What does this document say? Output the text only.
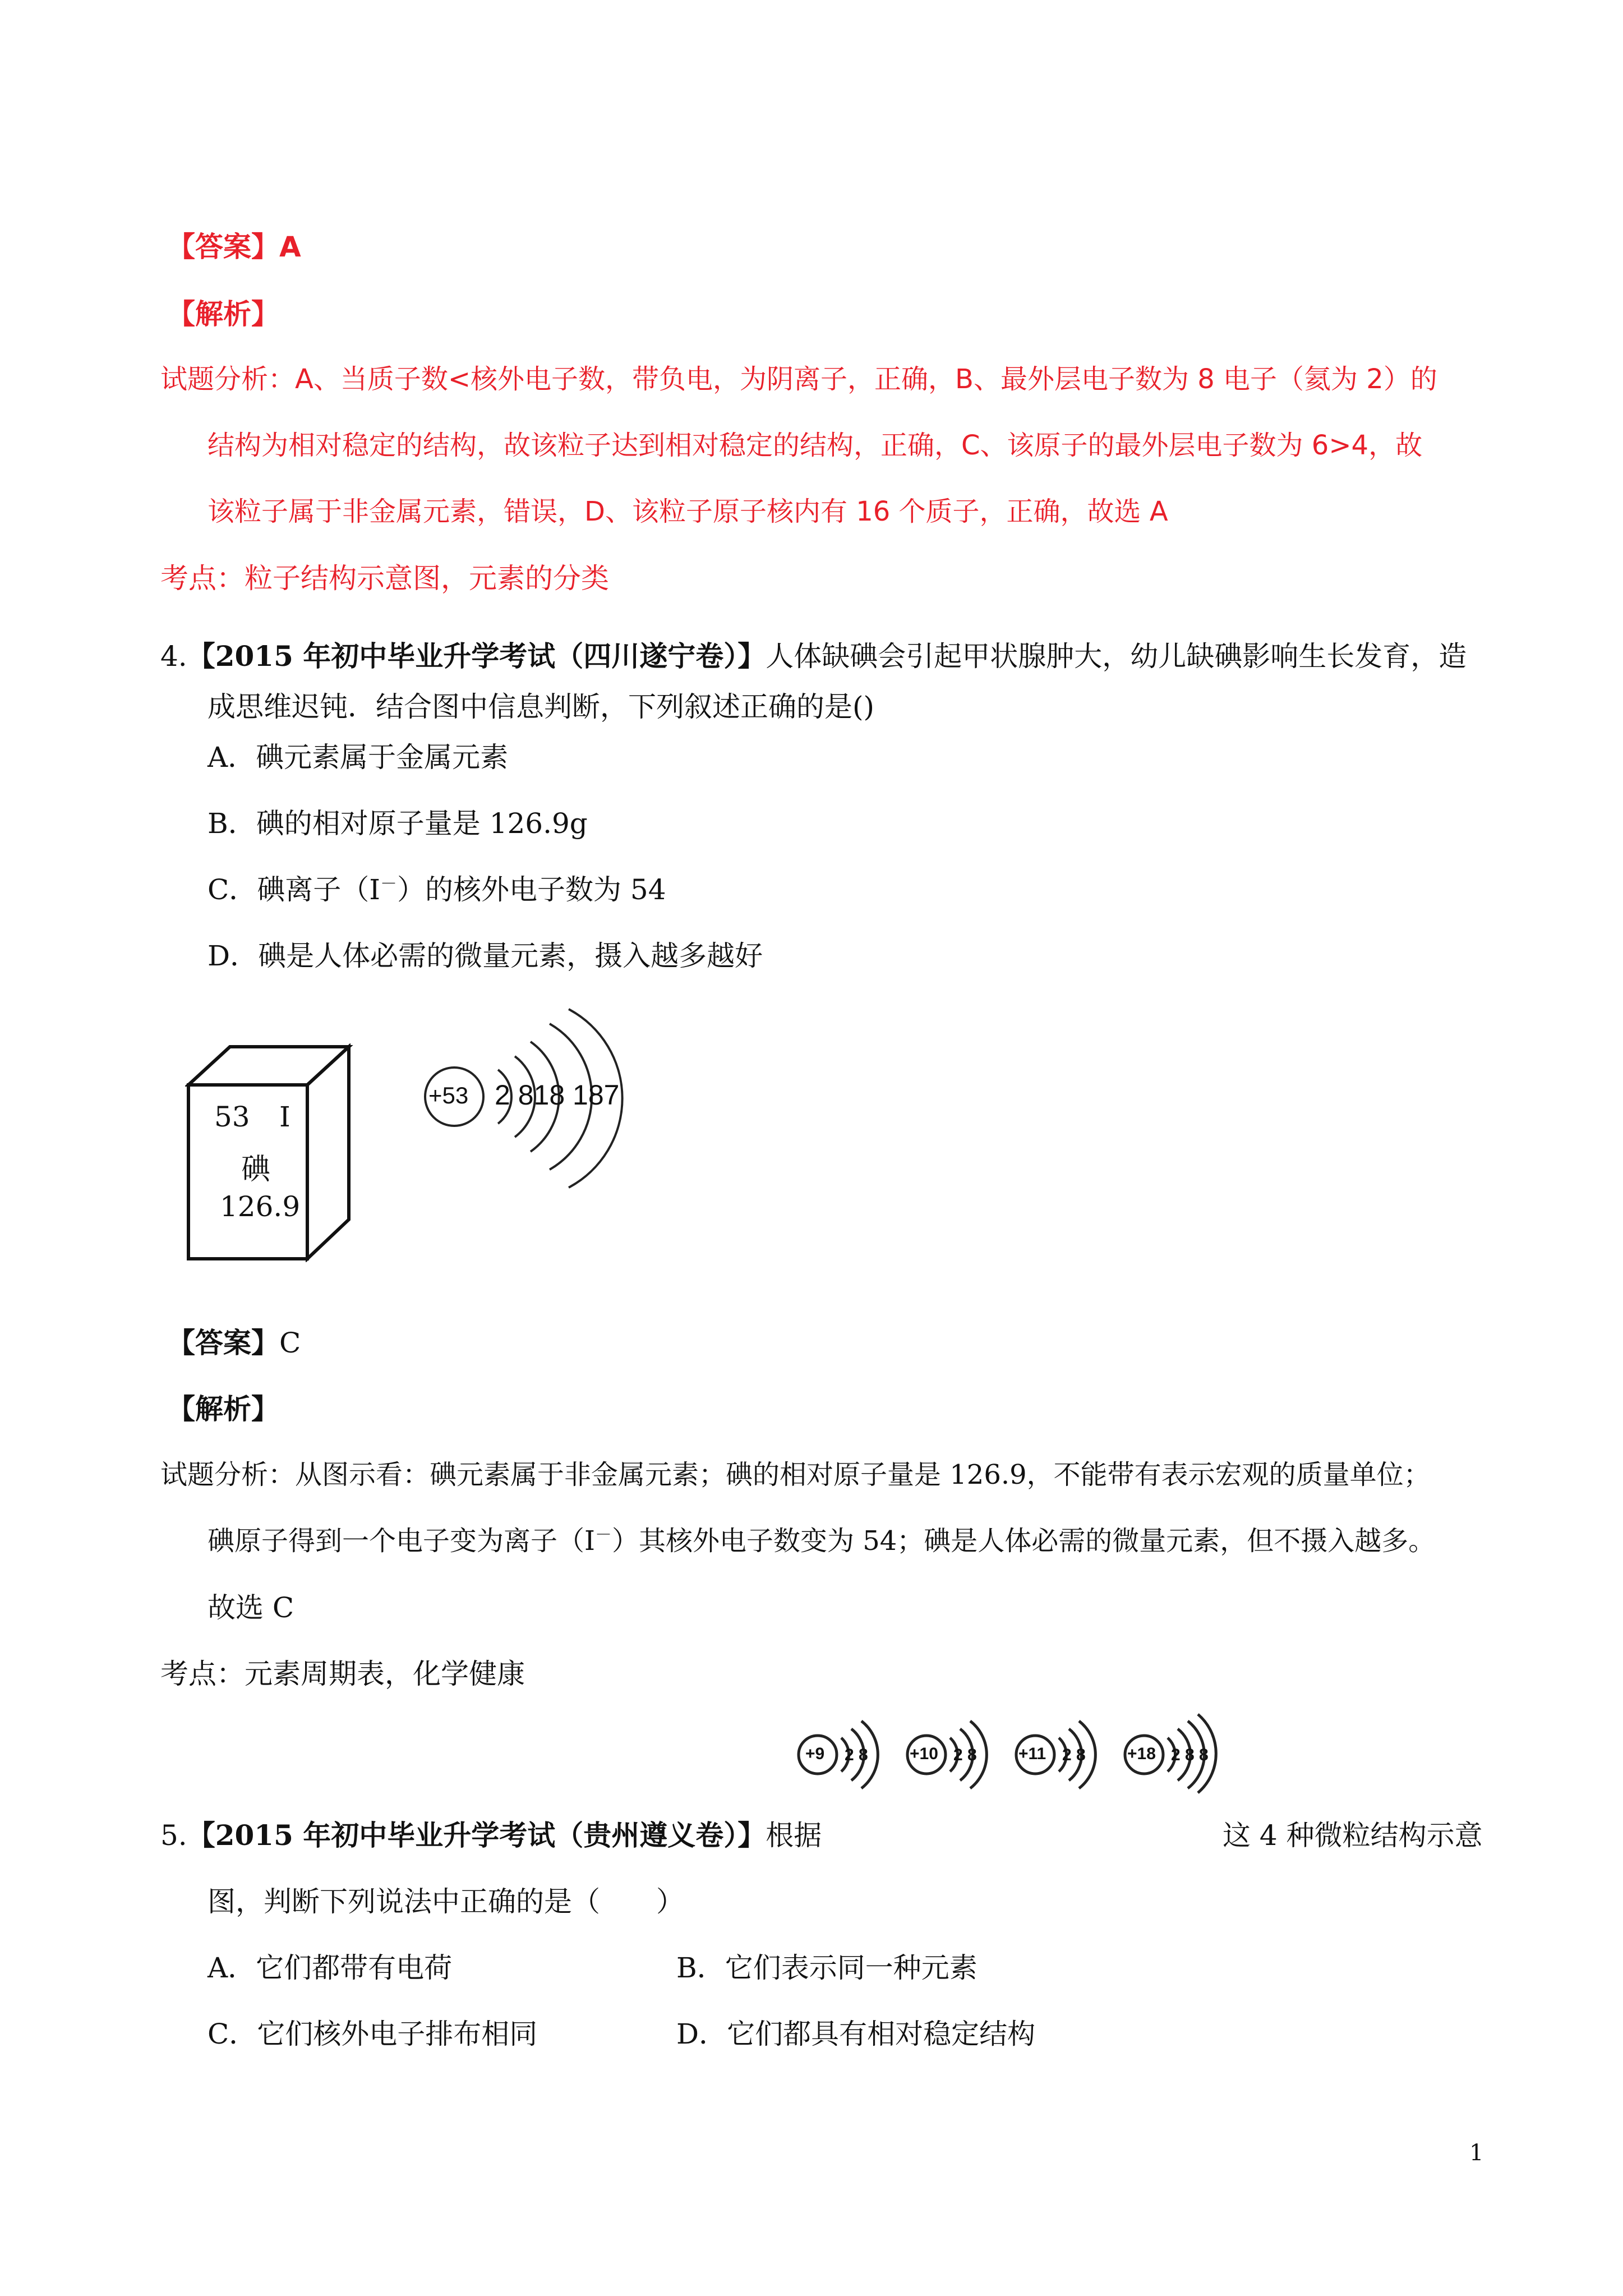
【答案】A
【解析】
试题分析：A、当质子数<核外电子数，带负电，为阴离子，正确，B、最外层电子数为 8 电子（氦为 2）的
结构为相对稳定的结构，故该粒子达到相对稳定的结构，正确，C、该原子的最外层电子数为 6>4，故
该粒子属于非金属元素，错误，D、该粒子原子核内有 16 个质子，正确，故选 A
考点：粒子结构示意图，元素的分类
4.【2015 年初中毕业升学考试（四川遂宁卷）】人体缺碘会引起甲状腺肿大，幼儿缺碘影响生长发育，造
成思维迟钝．结合图中信息判断，下列叙述正确的是()
A．碘元素属于金属元素
B．碘的相对原子量是 126.9g
C．碘离子（I－）的核外电子数为 54
D．碘是人体必需的微量元素，摄入越多越好
53 I
碘
126.9
+53 2 818 187
【答案】C
【解析】
试题分析：从图示看：碘元素属于非金属元素；碘的相对原子量是 126.9，不能带有表示宏观的质量单位；
碘原子得到一个电子变为离子（I－）其核外电子数变为 54；碘是人体必需的微量元素，但不摄入越多。
故选 C
考点：元素周期表，化学健康
+9 2 8 +10 2 8 +11 2 8 +18 2 8 8
5.【2015 年初中毕业升学考试（贵州遵义卷）】根据	这 4 种微粒结构示意
图，判断下列说法中正确的是（　　）
A．它们都带有电荷	B．它们表示同一种元素
C．它们核外电子排布相同	D．它们都具有相对稳定结构
1
